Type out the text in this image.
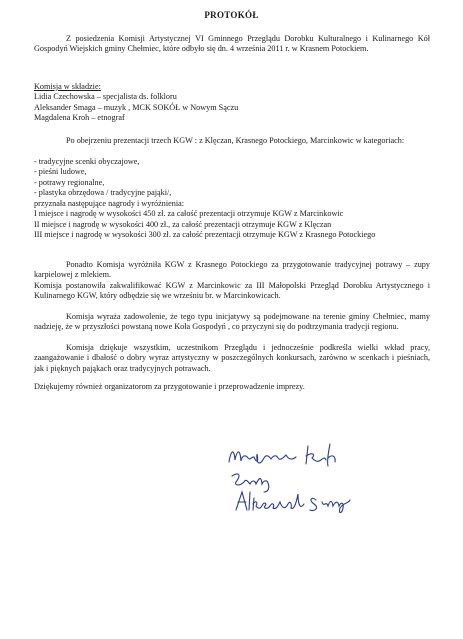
PROTOKÓŁ
Z posiedzenia Komisji Artystycznej VI Gminnego Przeglądu Dorobku Kulturalnego i Kulinarnego Kół Gospodyń Wiejskich gminy Chełmiec, które odbyło się dn. 4 września 2011 r. w Krasnem Potockiem.
Komisja w składzie:
Lidia Czechowska – specjalista ds. folkloru
Aleksander Smaga – muzyk , MCK SOKÓŁ w Nowym Sączu
Magdalena Kroh – etnograf
Po obejrzeniu prezentacji trzech KGW : z Klęczan, Krasnego Potockiego, Marcinkowic w kategoriach:
- tradycyjne scenki obyczajowe,
- pieśni ludowe,
- potrawy regionalne,
- plastyka obrzędowa / tradycyjne pająki/,
przyznała następujące nagrody i wyróżnienia:
I miejsce i nagrodę w wysokości 450 zł. za całość prezentacji otrzymuje KGW z Marcinkowic
II miejsce i nagrodę w wysokości 400 zł., za całość prezentacji otrzymuje KGW z Klęczan
III miejsce i nagrodę w wysokości 300 zł. za całość prezentacji otrzymuje KGW z Krasnego Potockiego
Ponadto Komisja wyróżniła KGW z Krasnego Potockiego za przygotowanie tradycyjnej potrawy – zupy karpielowej z mlekiem.
Komisja postanowiła zakwalifikować KGW z Marcinkowic za III Małopolski Przegląd Dorobku Artystycznego i Kulinarnego KGW, który odbędzie się we wrześniu br. w Marcinkowicach.
Komisja wyraża zadowolenie, że tego typu inicjatywy są podejmowane na terenie gminy Chełmiec, mamy nadzieję, że w przyszłości powstaną nowe Koła Gospodyń , co przyczyni się do podtrzymania tradycji regionu.
Komisja dziękuje wszystkim, uczestnikom Przeglądu i jednocześnie podkreśla wielki wkład pracy, zaangażowanie i dbałość o dobry wyraz artystyczny w poszczególnych konkursach, zarówno w scenkach i pieśniach, jak i pięknych pająkach oraz tradycyjnych potrawach.
Dziękujemy również organizatorom za przygotowanie i przeprowadzenie imprezy.
